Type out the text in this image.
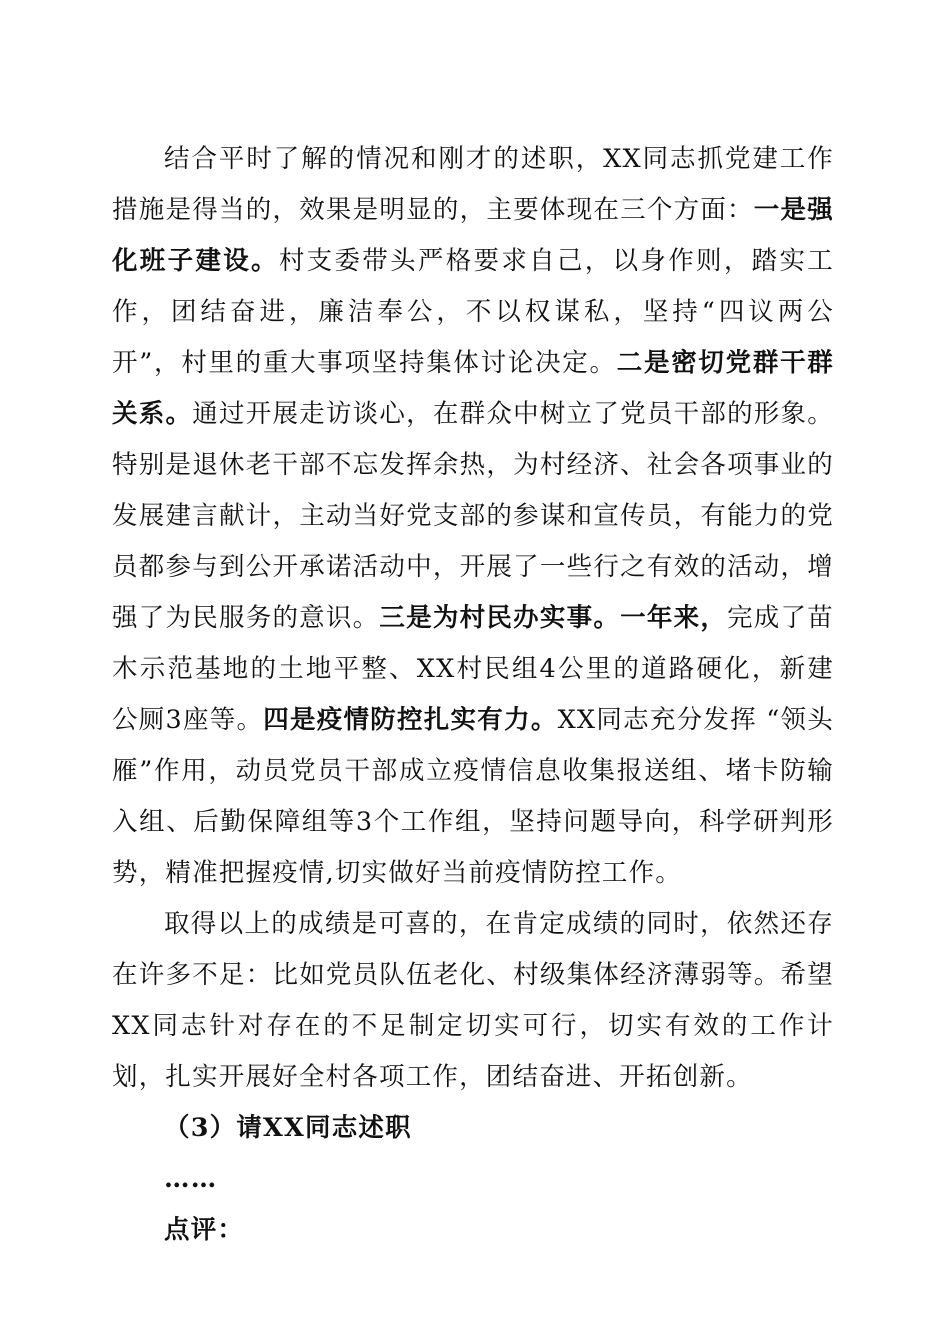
结合平时了解的情况和刚才的述职，XX同志抓党建工作措施是得当的，效果是明显的，主要体现在三个方面：一是强化班子建设。村支委带头严格要求自己，以身作则，踏实工作，团结奋进，廉洁奉公，不以权谋私，坚持“四议两公开”，村里的重大事项坚持集体讨论决定。二是密切党群干群关系。通过开展走访谈心，在群众中树立了党员干部的形象。特别是退休老干部不忘发挥余热，为村经济、社会各项事业的发展建言献计，主动当好党支部的参谋和宣传员，有能力的党员都参与到公开承诺活动中，开展了一些行之有效的活动，增强了为民服务的意识。三是为村民办实事。一年来，完成了苗木示范基地的土地平整、XX村民组4公里的道路硬化，新建公厕3座等。四是疫情防控扎实有力。XX同志充分发挥 “领头雁”作用，动员党员干部成立疫情信息收集报送组、堵卡防输入组、后勤保障组等3个工作组，坚持问题导向，科学研判形势，精准把握疫情,切实做好当前疫情防控工作。

取得以上的成绩是可喜的，在肯定成绩的同时，依然还存在许多不足：比如党员队伍老化、村级集体经济薄弱等。希望XX同志针对存在的不足制定切实可行，切实有效的工作计划，扎实开展好全村各项工作，团结奋进、开拓创新。

（3）请XX同志述职

……

点评：
